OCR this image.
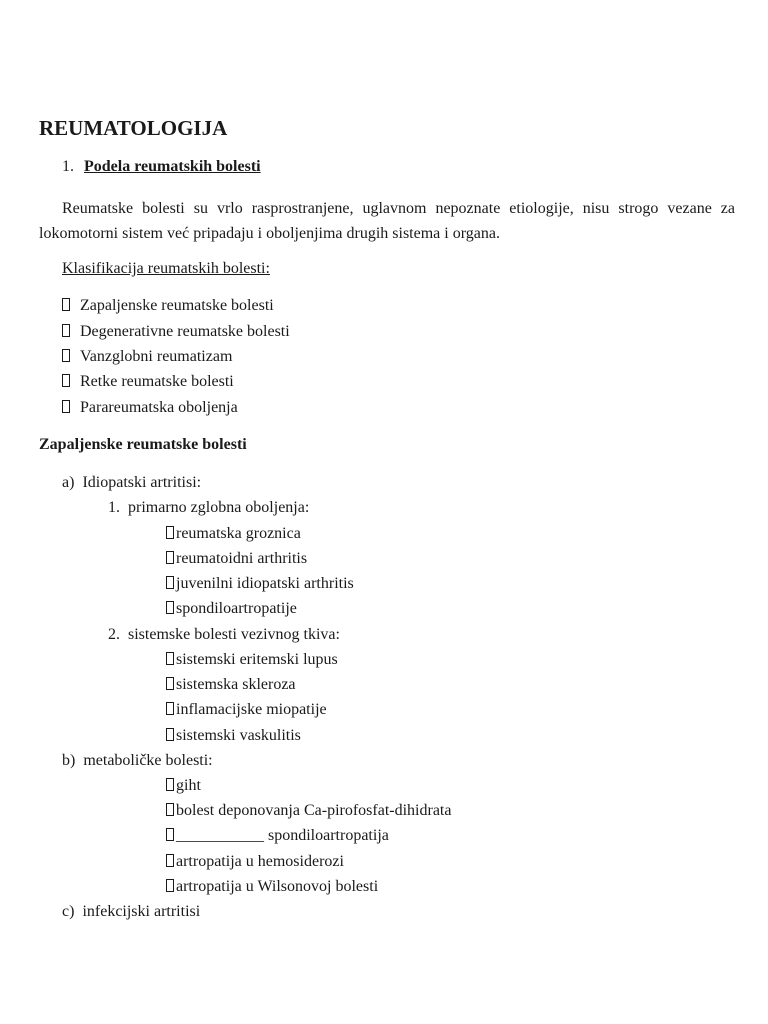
REUMATOLOGIJA
1. Podela reumatskih bolesti
Reumatske bolesti su vrlo rasprostranjene, uglavnom nepoznate etiologije, nisu strogo vezane za lokomotorni sistem već pripadaju i oboljenjima drugih sistema i organa.
Klasifikacija reumatskih bolesti:
Zapaljenske reumatske bolesti
Degenerativne reumatske bolesti
Vanzglobni reumatizam
Retke reumatske bolesti
Parareumatska oboljenja
Zapaljenske reumatske bolesti
a) Idiopatski artritisi:
1. primarno zglobna oboljenja:
reumatska groznica
reumatoidni arthritis
juvenilni idiopatski arthritis
spondiloartropatije
2. sistemske bolesti vezivnog tkiva:
sistemski eritemski lupus
sistemska skleroza
inflamacijske miopatije
sistemski vaskulitis
b) metaboličke bolesti:
giht
bolest deponovanja Ca-pirofosfat-dihidrata
___________ spondiloartropatija
artropatija u hemosiderozi
artropatija u Wilsonovoj bolesti
c) infekcijski artritisi
